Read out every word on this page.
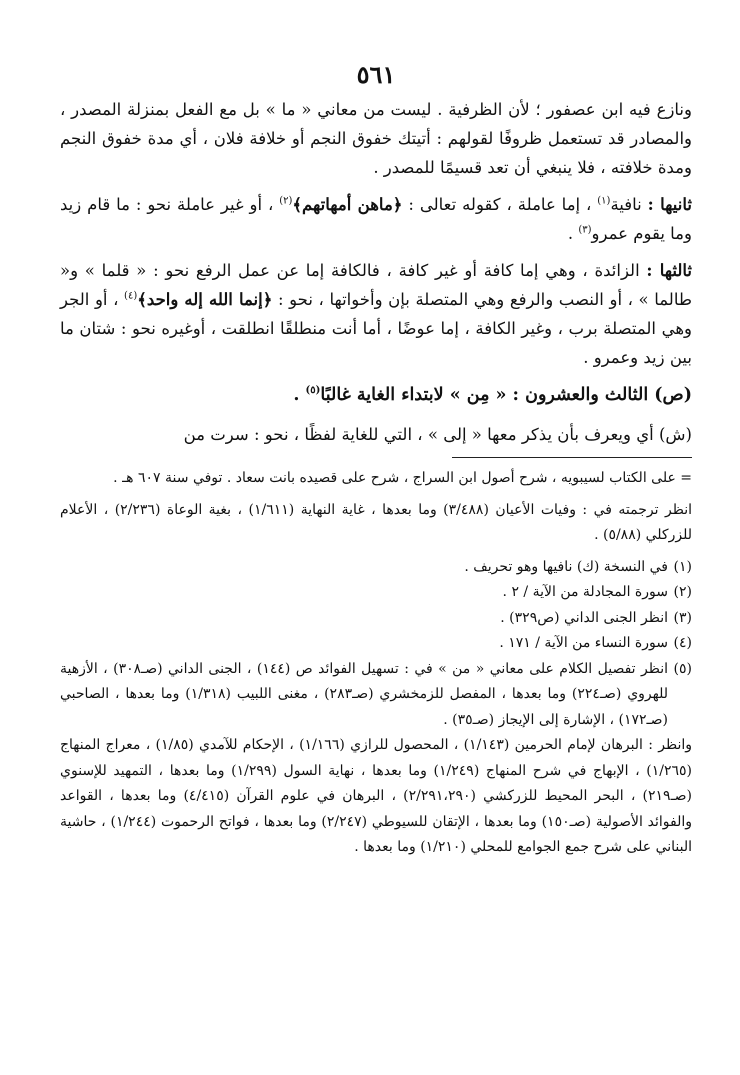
٥٦١

ونازع فيه ابن عصفور ؛ لأن الظرفية . ليست من معاني « ما » بل مع الفعل بمنزلة المصدر ، والمصادر قد تستعمل ظروفًا لقولهم : أتيتك خفوق النجم أو خلافة فلان ، أي مدة خفوق النجم ومدة خلافته ، فلا ينبغي أن تعد قسيمًا للمصدر .

ثانيها : نافية$^{(١)}$ ، إما عاملة ، كقوله تعالى : ﴿ماهن أمهاتهم﴾$^{(٢)}$ ، أو غير عاملة نحو : ما قام زيد وما يقوم عمرو$^{(٣)}$ .

ثالثها : الزائدة ، وهي إما كافة أو غير كافة ، فالكافة إما عن عمل الرفع نحو : « قلما » و« طالما » ، أو النصب والرفع وهي المتصلة بإن وأخواتها ، نحو : ﴿إنما الله إله واحد﴾$^{(٤)}$ ، أو الجر وهي المتصلة برب ، وغير الكافة ، إما عوضًا ، أما أنت منطلقًا انطلقت ، أوغيره نحو : شتان ما بين زيد وعمرو .

(ص) الثالث والعشرون : « مِن » لابتداء الغاية غالبًا$^{(٥)}$ .

(ش) أي ويعرف بأن يذكر معها « إلى » ، التي للغاية لفظًا ، نحو : سرت من

= على الكتاب لسيبويه ، شرح أصول ابن السراج ، شرح على قصيده بانت سعاد . توفي سنة ٦٠٧ هـ .

انظر ترجمته في : وفيات الأعيان (٣/٤٨٨) وما بعدها ، غاية النهاية (١/٦١١) ، بغية الوعاة (٢/٢٣٦) ، الأعلام للزركلي (٥/٨٨) .

(١)
في النسخة (ك) نافيها وهو تحريف .
(٢)
سورة المجادلة من الآية / ٢ .
(٣)
انظر الجنى الداني (ص٣٢٩) .
(٤)
سورة النساء من الآية / ١٧١ .
(٥)
انظر تفصيل الكلام على معاني « من » في : تسهيل الفوائد ص (١٤٤) ، الجنى الداني (صـ٣٠٨) ، الأزهية للهروي (صـ٢٢٤) وما بعدها ، المفصل للزمخشري (صـ٢٨٣) ، مغنى اللبيب (١/٣١٨) وما بعدها ، الصاحبي (صـ١٧٢) ، الإشارة إلى الإيجاز (صـ٣٥) .

وانظر : البرهان لإمام الحرمين (١/١٤٣) ، المحصول للرازي (١/١٦٦) ، الإحكام للآمدي (١/٨٥) ، معراج المنهاج (١/٢٦٥) ، الإبهاج في شرح المنهاج (١/٢٤٩) وما بعدها ، نهاية السول (١/٢٩٩) وما بعدها ، التمهيد للإسنوي (صـ٢١٩) ، البحر المحيط للزركشي (٢/٢٩١،٢٩٠) ، البرهان في علوم القرآن (٤/٤١٥) وما بعدها ، القواعد والفوائد الأصولية (صـ١٥٠) وما بعدها ، الإتقان للسيوطي (٢/٢٤٧) وما بعدها ، فواتح الرحموت (١/٢٤٤) ، حاشية البناني على شرح جمع الجوامع للمحلي (١/٢١٠) وما بعدها .
